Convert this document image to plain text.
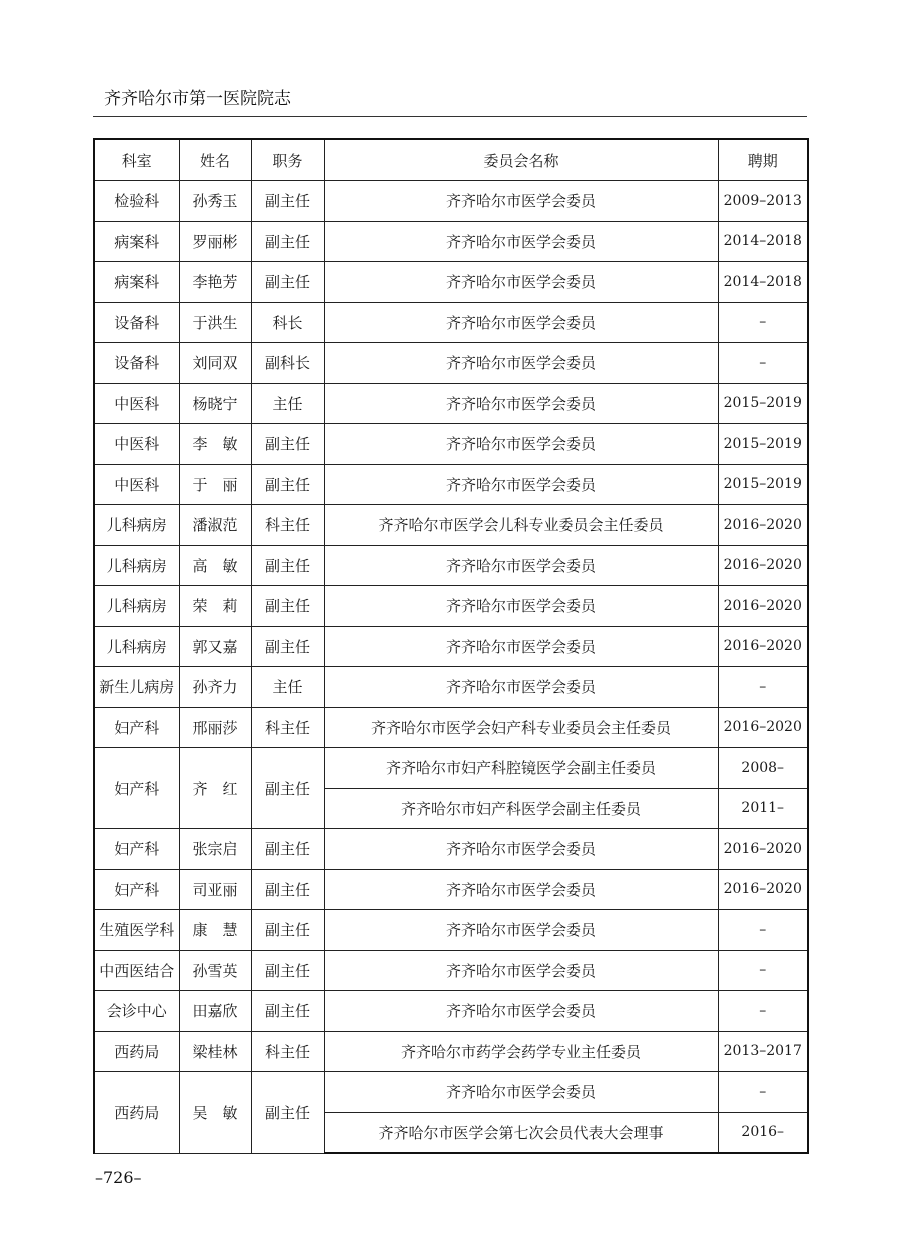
齐齐哈尔市第一医院院志
科室	姓名	职务	委员会名称	聘期
检验科	孙秀玉	副主任	齐齐哈尔市医学会委员	2009–2013
病案科	罗丽彬	副主任	齐齐哈尔市医学会委员	2014–2018
病案科	李艳芳	副主任	齐齐哈尔市医学会委员	2014–2018
设备科	于洪生	科长	齐齐哈尔市医学会委员	–
设备科	刘同双	副科长	齐齐哈尔市医学会委员	–
中医科	杨晓宁	主任	齐齐哈尔市医学会委员	2015–2019
中医科	李　敏	副主任	齐齐哈尔市医学会委员	2015–2019
中医科	于　丽	副主任	齐齐哈尔市医学会委员	2015–2019
儿科病房	潘淑范	科主任	齐齐哈尔市医学会儿科专业委员会主任委员	2016–2020
儿科病房	高　敏	副主任	齐齐哈尔市医学会委员	2016–2020
儿科病房	荣　莉	副主任	齐齐哈尔市医学会委员	2016–2020
儿科病房	郭又嘉	副主任	齐齐哈尔市医学会委员	2016–2020
新生儿病房	孙齐力	主任	齐齐哈尔市医学会委员	–
妇产科	邢丽莎	科主任	齐齐哈尔市医学会妇产科专业委员会主任委员	2016–2020
妇产科	齐　红	副主任	齐齐哈尔市妇产科腔镜医学会副主任委员	2008–
			齐齐哈尔市妇产科医学会副主任委员	2011–
妇产科	张宗启	副主任	齐齐哈尔市医学会委员	2016–2020
妇产科	司亚丽	副主任	齐齐哈尔市医学会委员	2016–2020
生殖医学科	康　慧	副主任	齐齐哈尔市医学会委员	–
中西医结合	孙雪英	副主任	齐齐哈尔市医学会委员	–
会诊中心	田嘉欣	副主任	齐齐哈尔市医学会委员	–
西药局	梁桂林	科主任	齐齐哈尔市药学会药学专业主任委员	2013–2017
西药局	吴　敏	副主任	齐齐哈尔市医学会委员	–
			齐齐哈尔市医学会第七次会员代表大会理事	2016–
–726–
